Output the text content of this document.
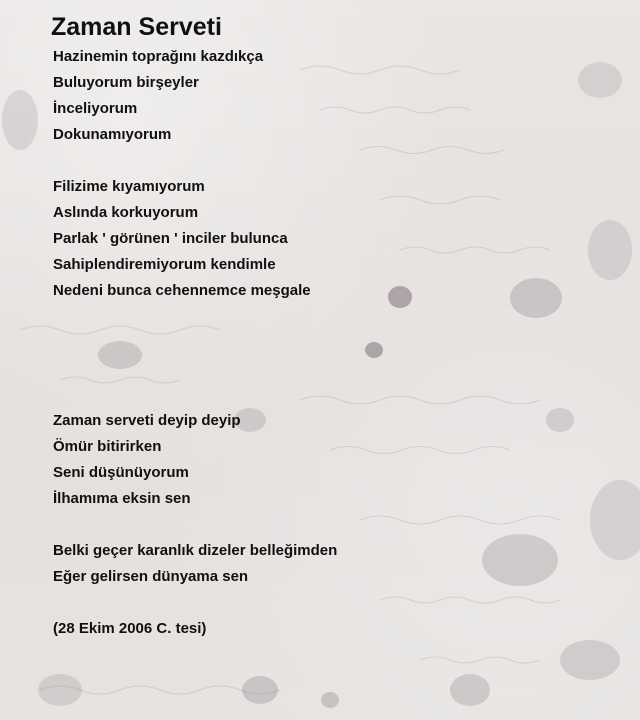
Zaman Serveti
Hazinemin toprağını kazdıkça
Buluyorum birşeyler
İnceliyorum
Dokunamıyorum
Filizime kıyamıyorum
Aslında korkuyorum
Parlak ' görünen ' inciler bulunca
Sahiplendiremiyorum kendimle
Nedeni bunca cehennemce meşgale
Zaman serveti deyip deyip
Ömür bitirirken
Seni düşünüyorum
İlhamıma eksin sen
Belki geçer karanlık dizeler belleğimden
Eğer gelirsen dünyama sen
(28 Ekim 2006 C. tesi)
